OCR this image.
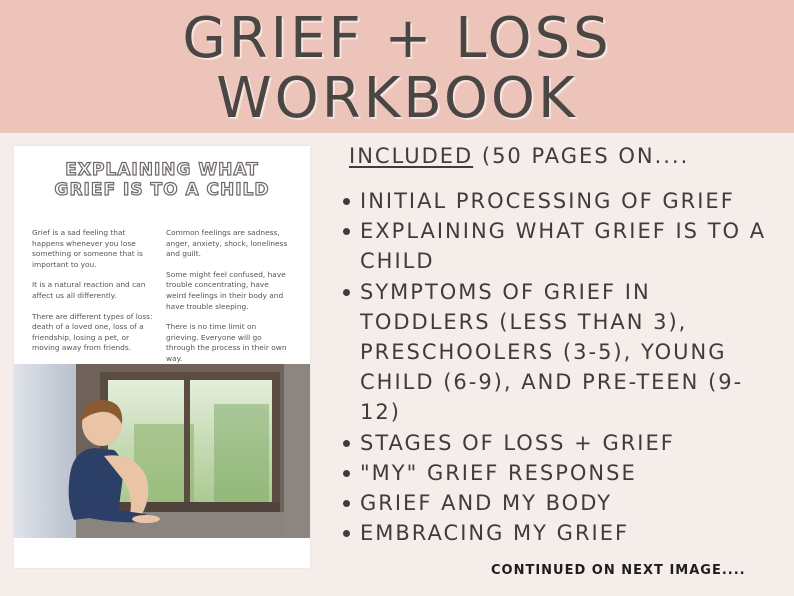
GRIEF + LOSS
WORKBOOK
EXPLAINING WHAT
GRIEF IS TO A CHILD

Grief is a sad feeling that happens whenever you lose something or someone that is important to you.

It is a natural reaction and can affect us all differently.

There are different types of loss: death of a loved one, loss of a friendship, losing a pet, or moving away from friends.

Common feelings are sadness, anger, anxiety, shock, loneliness and guilt.

Some might feel confused, have trouble concentrating, have weird feelings in their body and have trouble sleeping.

There is no time limit on grieving. Everyone will go through the process in their own way.

INCLUDED (50 PAGES ON....
INITIAL PROCESSING OF GRIEF
EXPLAINING WHAT GRIEF IS TO A CHILD
SYMPTOMS OF GRIEF IN TODDLERS (LESS THAN 3), PRESCHOOLERS (3-5), YOUNG CHILD (6-9), AND PRE-TEEN (9-12)
STAGES OF LOSS + GRIEF
"MY" GRIEF RESPONSE
GRIEF AND MY BODY
EMBRACING MY GRIEF
CONTINUED ON NEXT IMAGE....
